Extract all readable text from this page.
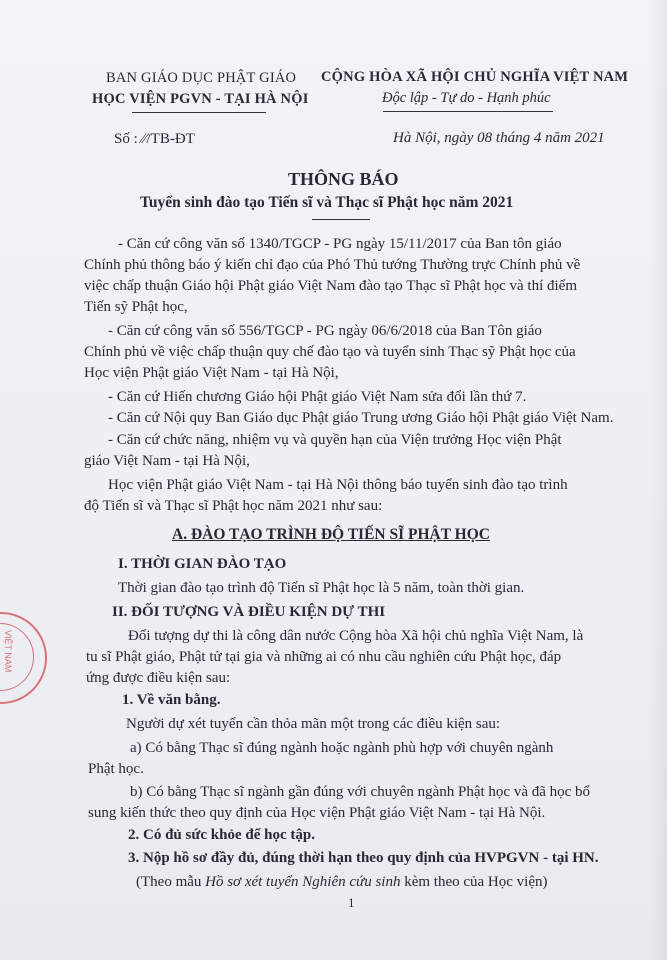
BAN GIÁO DỤC PHẬT GIÁO
HỌC VIỆN PGVN - TẠI HÀ NỘI
CỘNG HÒA XÃ HỘI CHỦ NGHĨA VIỆT NAM
Độc lập - Tự do - Hạnh phúc
Số : ⁄⁄/TB-ĐT	Hà Nội, ngày 08 tháng 4 năm 2021
THÔNG BÁO
Tuyển sinh đào tạo Tiến sĩ và Thạc sĩ Phật học năm 2021
- Căn cứ công văn số 1340/TGCP - PG ngày 15/11/2017 của Ban tôn giáo
Chính phủ thông báo ý kiến chỉ đạo của Phó Thủ tướng Thường trực Chính phủ về
việc chấp thuận Giáo hội Phật giáo Việt Nam đào tạo Thạc sĩ Phật học và thí điểm
Tiến sỹ Phật học,
- Căn cứ công văn số 556/TGCP - PG ngày 06/6/2018 của Ban Tôn giáo
Chính phủ về việc chấp thuận quy chế đào tạo và tuyển sinh Thạc sỹ Phật học của
Học viện Phật giáo Việt Nam - tại Hà Nội,
- Căn cứ Hiến chương Giáo hội Phật giáo Việt Nam sửa đổi lần thứ 7.
- Căn cứ Nội quy Ban Giáo dục Phật giáo Trung ương Giáo hội Phật giáo Việt Nam.
- Căn cứ chức năng, nhiệm vụ và quyền hạn của Viện trưởng Học viện Phật
giáo Việt Nam - tại Hà Nội,
Học viện Phật giáo Việt Nam - tại Hà Nội thông báo tuyển sinh đào tạo trình
độ Tiến sĩ và Thạc sĩ Phật học năm 2021 như sau:
A. ĐÀO TẠO TRÌNH ĐỘ TIẾN SĨ PHẬT HỌC
I. THỜI GIAN ĐÀO TẠO
Thời gian đào tạo trình độ Tiến sĩ Phật học là 5 năm, toàn thời gian.
II. ĐỐI TƯỢNG VÀ ĐIỀU KIỆN DỰ THI
Đối tượng dự thi là công dân nước Cộng hòa Xã hội chủ nghĩa Việt Nam, là
tu sĩ Phật giáo, Phật tử tại gia và những ai có nhu cầu nghiên cứu Phật học, đáp
ứng được điều kiện sau:
1. Về văn bằng.
Người dự xét tuyển cần thỏa mãn một trong các điều kiện sau:
a) Có bằng Thạc sĩ đúng ngành hoặc ngành phù hợp với chuyên ngành
Phật học.
b) Có bằng Thạc sĩ ngành gần đúng với chuyên ngành Phật học và đã học bổ
sung kiến thức theo quy định của Học viện Phật giáo Việt Nam - tại Hà Nội.
2. Có đủ sức khỏe để học tập.
3. Nộp hồ sơ đầy đủ, đúng thời hạn theo quy định của HVPGVN - tại HN.
(Theo mẫu Hồ sơ xét tuyển Nghiên cứu sinh kèm theo của Học viện)
1
VIỆT NAM
